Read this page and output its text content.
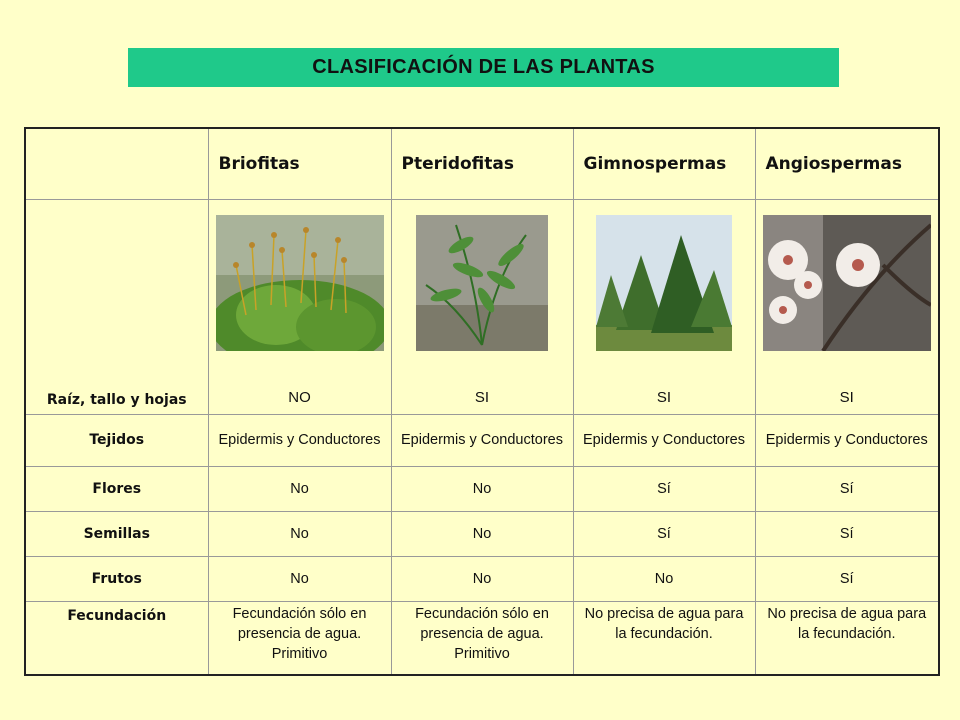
CLASIFICACIÓN DE LAS PLANTAS
	Briofitas	Pteridofitas	Gimnospermas	Angiospermas
Raíz, tallo y hojas	NO	SI	SI	SI

Tejidos	Epidermis y Conductores	Epidermis y Conductores	Epidermis y Conductores	Epidermis y Conductores
Flores	No	No	Sí	Sí
Semillas	No	No	Sí	Sí
Frutos	No	No	No	Sí
Fecundación	Fecundación sólo en presencia de agua. Primitivo	Fecundación sólo en presencia de agua. Primitivo	No precisa de agua para la fecundación.	No precisa de agua para la fecundación.
